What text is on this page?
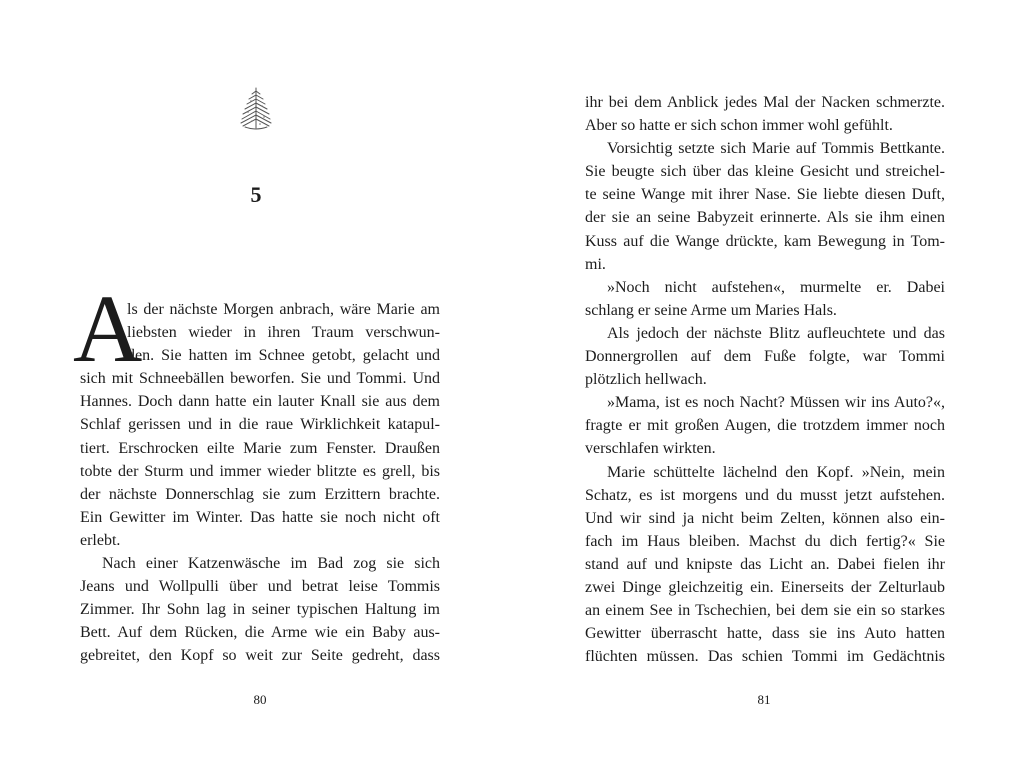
5
A
ls der nächste Morgen anbrach, wäre Marie am
liebsten wieder in ihren Traum verschwun-
den. Sie hatten im Schnee getobt, gelacht und
sich mit Schneebällen beworfen. Sie und Tommi. Und
Hannes. Doch dann hatte ein lauter Knall sie aus dem
Schlaf gerissen und in die raue Wirklichkeit katapul-
tiert. Erschrocken eilte Marie zum Fenster. Draußen
tobte der Sturm und immer wieder blitzte es grell, bis
der nächste Donnerschlag sie zum Erzittern brachte.
Ein Gewitter im Winter. Das hatte sie noch nicht oft
erlebt.
Nach einer Katzenwäsche im Bad zog sie sich
Jeans und Wollpulli über und betrat leise Tommis
Zimmer. Ihr Sohn lag in seiner typischen Haltung im
Bett. Auf dem Rücken, die Arme wie ein Baby aus-
gebreitet, den Kopf so weit zur Seite gedreht, dass
80
ihr bei dem Anblick jedes Mal der Nacken schmerzte.
Aber so hatte er sich schon immer wohl gefühlt.
Vorsichtig setzte sich Marie auf Tommis Bettkante.
Sie beugte sich über das kleine Gesicht und streichel-
te seine Wange mit ihrer Nase. Sie liebte diesen Duft,
der sie an seine Babyzeit erinnerte. Als sie ihm einen
Kuss auf die Wange drückte, kam Bewegung in Tom-
mi.
»Noch nicht aufstehen«, murmelte er. Dabei
schlang er seine Arme um Maries Hals.
Als jedoch der nächste Blitz aufleuchtete und das
Donnergrollen auf dem Fuße folgte, war Tommi
plötzlich hellwach.
»Mama, ist es noch Nacht? Müssen wir ins Auto?«,
fragte er mit großen Augen, die trotzdem immer noch
verschlafen wirkten.
Marie schüttelte lächelnd den Kopf. »Nein, mein
Schatz, es ist morgens und du musst jetzt aufstehen.
Und wir sind ja nicht beim Zelten, können also ein-
fach im Haus bleiben. Machst du dich fertig?« Sie
stand auf und knipste das Licht an. Dabei fielen ihr
zwei Dinge gleichzeitig ein. Einerseits der Zelturlaub
an einem See in Tschechien, bei dem sie ein so starkes
Gewitter überrascht hatte, dass sie ins Auto hatten
flüchten müssen. Das schien Tommi im Gedächtnis
81
